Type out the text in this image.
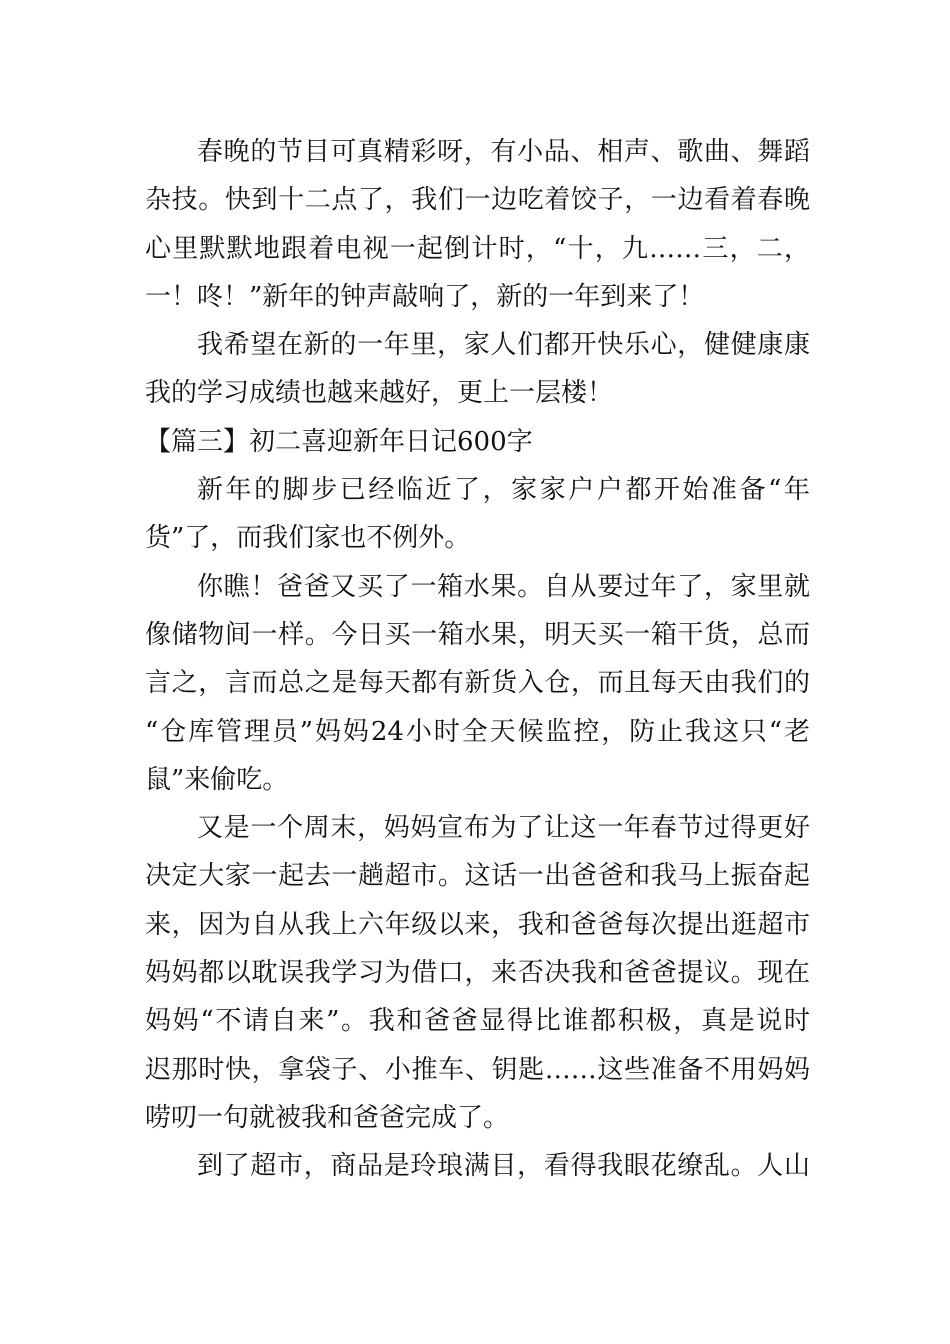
春晚的节目可真精彩呀，有小品、相声、歌曲、舞蹈
杂技。快到十二点了，我们一边吃着饺子，一边看着春晚
心里默默地跟着电视一起倒计时，“十，九……三，二，
一！咚！”新年的钟声敲响了，新的一年到来了！
我希望在新的一年里，家人们都开快乐心，健健康康
我的学习成绩也越来越好，更上一层楼！
【篇三】初二喜迎新年日记600字
新年的脚步已经临近了，家家户户都开始准备“年
货”了，而我们家也不例外。
你瞧！爸爸又买了一箱水果。自从要过年了，家里就
像储物间一样。今日买一箱水果，明天买一箱干货，总而
言之，言而总之是每天都有新货入仓，而且每天由我们的
“仓库管理员”妈妈24小时全天候监控，防止我这只“老
鼠”来偷吃。
又是一个周末，妈妈宣布为了让这一年春节过得更好
决定大家一起去一趟超市。这话一出爸爸和我马上振奋起
来，因为自从我上六年级以来，我和爸爸每次提出逛超市
妈妈都以耽误我学习为借口，来否决我和爸爸提议。现在
妈妈“不请自来”。我和爸爸显得比谁都积极，真是说时
迟那时快，拿袋子、小推车、钥匙……这些准备不用妈妈
唠叨一句就被我和爸爸完成了。
到了超市，商品是玲琅满目，看得我眼花缭乱。人山
